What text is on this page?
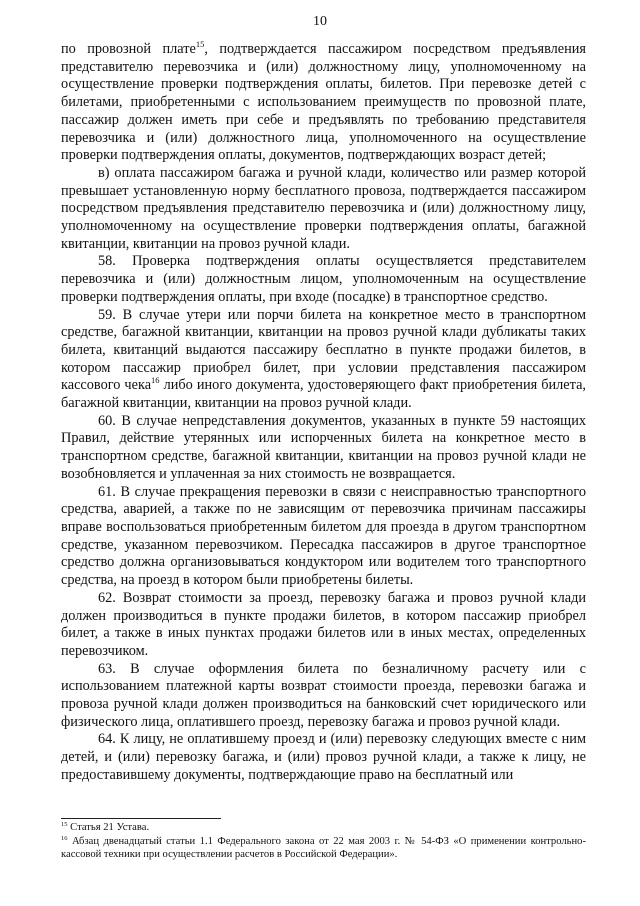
10

по провозной плате$^{15}$, подтверждается пассажиром посредством предъявления представителю перевозчика и (или) должностному лицу, уполномоченному на осуществление проверки подтверждения оплаты, билетов. При перевозке детей с билетами, приобретенными с использованием преимуществ по провозной плате, пассажир должен иметь при себе и предъявлять по требованию представителя перевозчика и (или) должностного лица, уполномоченного на осуществление проверки подтверждения оплаты, документов, подтверждающих возраст детей;

в) оплата пассажиром багажа и ручной клади, количество или размер которой превышает установленную норму бесплатного провоза, подтверждается пассажиром посредством предъявления представителю перевозчика и (или) должностному лицу, уполномоченному на осуществление проверки подтверждения оплаты, багажной квитанции, квитанции на провоз ручной клади.

58. Проверка подтверждения оплаты осуществляется представителем перевозчика и (или) должностным лицом, уполномоченным на осуществление проверки подтверждения оплаты, при входе (посадке) в транспортное средство.

59. В случае утери или порчи билета на конкретное место в транспортном средстве, багажной квитанции, квитанции на провоз ручной клади дубликаты таких билета, квитанций выдаются пассажиру бесплатно в пункте продажи билетов, в котором пассажир приобрел билет, при условии представления пассажиром кассового чека$^{16}$ либо иного документа, удостоверяющего факт приобретения билета, багажной квитанции, квитанции на провоз ручной клади.

60. В случае непредставления документов, указанных в пункте 59 настоящих Правил, действие утерянных или испорченных билета на конкретное место в транспортном средстве, багажной квитанции, квитанции на провоз ручной клади не возобновляется и уплаченная за них стоимость не возвращается.

61. В случае прекращения перевозки в связи с неисправностью транспортного средства, аварией, а также по не зависящим от перевозчика причинам пассажиры вправе воспользоваться приобретенным билетом для проезда в другом транспортном средстве, указанном перевозчиком. Пересадка пассажиров в другое транспортное средство должна организовываться кондуктором или водителем того транспортного средства, на проезд в котором были приобретены билеты.

62. Возврат стоимости за проезд, перевозку багажа и провоз ручной клади должен производиться в пункте продажи билетов, в котором пассажир приобрел билет, а также в иных пунктах продажи билетов или в иных местах, определенных перевозчиком.

63. В случае оформления билета по безналичному расчету или с использованием платежной карты возврат стоимости проезда, перевозки багажа и провоза ручной клади должен производиться на банковский счет юридического или физического лица, оплатившего проезд, перевозку багажа и провоз ручной клади.

64. К лицу, не оплатившему проезд и (или) перевозку следующих вместе с ним детей, и (или) перевозку багажа, и (или) провоз ручной клади, а также к лицу, не предоставившему документы, подтверждающие право на бесплатный или

$^{15}$ Статья 21 Устава.

$^{16}$ Абзац двенадцатый статьи 1.1 Федерального закона от 22 мая 2003 г. № 54-ФЗ «О применении контрольно-кассовой техники при осуществлении расчетов в Российской Федерации».
